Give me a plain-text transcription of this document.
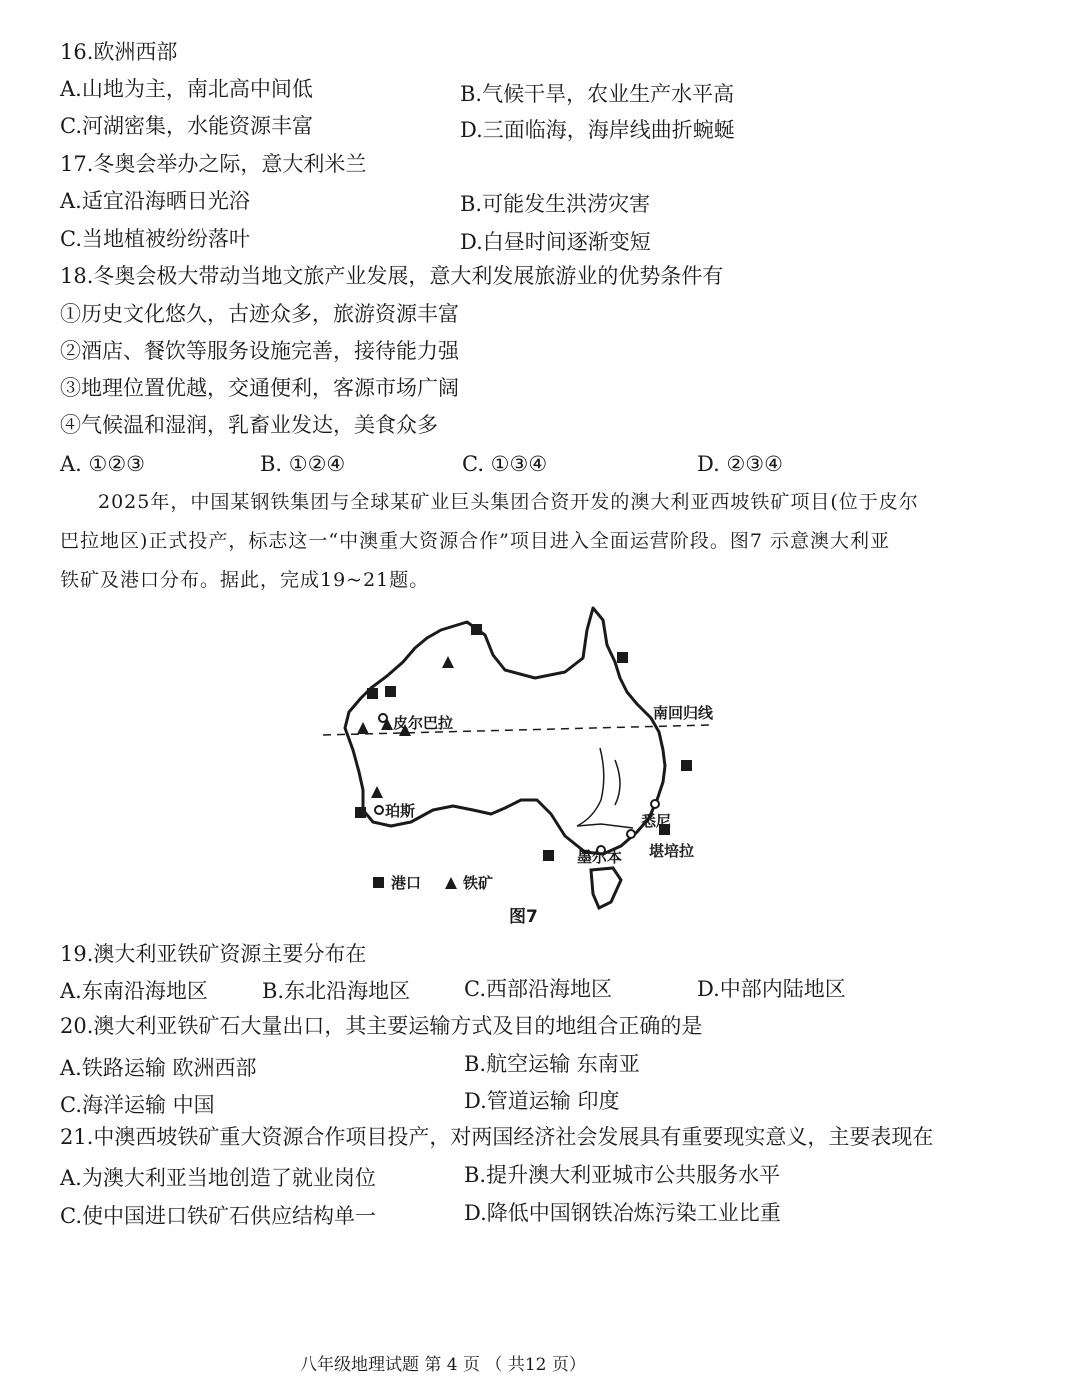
16.欧洲西部
A.山地为主，南北高中间低	B.气候干旱，农业生产水平高
C.河湖密集，水能资源丰富	D.三面临海，海岸线曲折蜿蜒
17.冬奥会举办之际，意大利米兰
A.适宜沿海晒日光浴	B.可能发生洪涝灾害
C.当地植被纷纷落叶	D.白昼时间逐渐变短
18.冬奥会极大带动当地文旅产业发展，意大利发展旅游业的优势条件有
①历史文化悠久，古迹众多，旅游资源丰富
②酒店、餐饮等服务设施完善，接待能力强
③地理位置优越，交通便利，客源市场广阔
④气候温和湿润，乳畜业发达，美食众多
A. ①②③	B. ①②④	C. ①③④	D. ②③④

2025年，中国某钢铁集团与全球某矿业巨头集团合资开发的澳大利亚西坡铁矿项目(位于皮尔

巴拉地区)正式投产，标志这一“中澳重大资源合作”项目进入全面运营阶段。图7 示意澳大利亚
铁矿及港口分布。据此，完成19~21题。
南回归线
皮尔巴拉
珀斯
悉尼
墨尔本 堪培拉
港口	铁矿
图7
19.澳大利亚铁矿资源主要分布在
A.东南沿海地区	B.东北沿海地区	C.西部沿海地区	D.中部内陆地区
20.澳大利亚铁矿石大量出口，其主要运输方式及目的地组合正确的是
A.铁路运输 欧洲西部	B.航空运输 东南亚
C.海洋运输 中国	D.管道运输 印度
21.中澳西坡铁矿重大资源合作项目投产，对两国经济社会发展具有重要现实意义，主要表现在
A.为澳大利亚当地创造了就业岗位	B.提升澳大利亚城市公共服务水平
C.使中国进口铁矿石供应结构单一	D.降低中国钢铁冶炼污染工业比重
八年级地理试题 第 4 页 （ 共12 页）
